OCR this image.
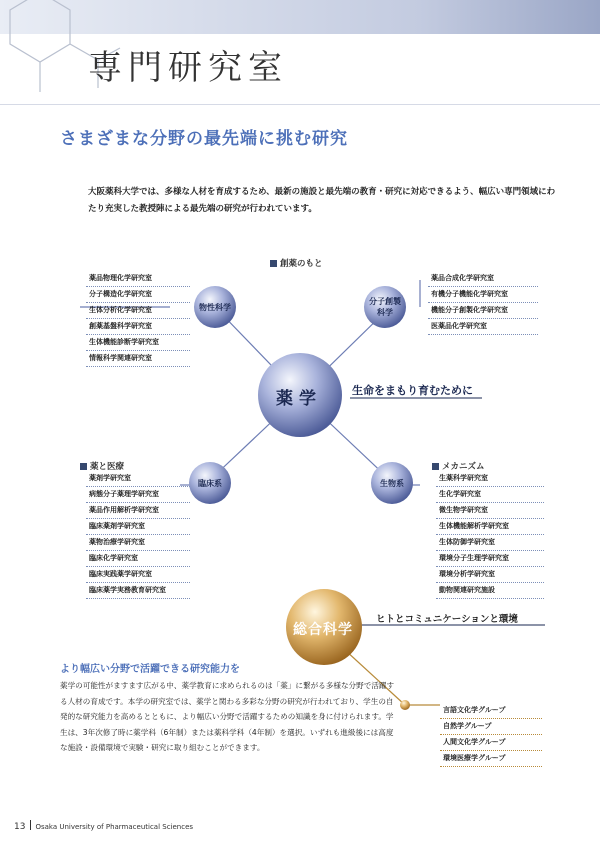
専門研究室
さまざまな分野の最先端に挑む研究
大阪薬科大学では、多様な人材を育成するため、最新の施設と最先端の教育・研究に対応できるよう、幅広い専門領域にわたり充実した教授陣による最先端の研究が行われています。
薬学	生命をまもり育むために
物性科学
分子創製科学
臨床系	生物系
創薬のもと
薬と医療	メカニズム
薬品物理化学研究室
分子構造化学研究室
生体分析化学研究室
創薬基盤科学研究室
生体機能診断学研究室
情報科学関連研究室
薬品合成化学研究室
有機分子機能化学研究室
機能分子創製化学研究室
医薬品化学研究室
薬剤学研究室
病態分子薬理学研究室
薬品作用解析学研究室
臨床薬剤学研究室
薬物治療学研究室
臨床化学研究室
臨床実践薬学研究室
臨床薬学実務教育研究室
生薬科学研究室
生化学研究室
微生物学研究室
生体機能解析学研究室
生体防御学研究室
環境分子生理学研究室
環境分析学研究室
動物関連研究施設
総合科学
ヒトとコミュニケーションと環境
言語文化学グループ
自然学グループ
人間文化学グループ
環境医療学グループ
より幅広い分野で活躍できる研究能力を
薬学の可能性がますます広がる中、薬学教育に求められるのは「薬」に繋がる多様な分野で活躍する人材の育成です。本学の研究室では、薬学と関わる多彩な分野の研究が行われており、学生の自発的な研究能力を高めるとともに、より幅広い分野で活躍するための知識を身に付けられます。学生は、3年次修了時に薬学科（6年制）または薬科学科（4年制）を選択。いずれも進級後には高度な施設・設備環境で実験・研究に取り組むことができます。
13 Osaka University of Pharmaceutical Sciences
